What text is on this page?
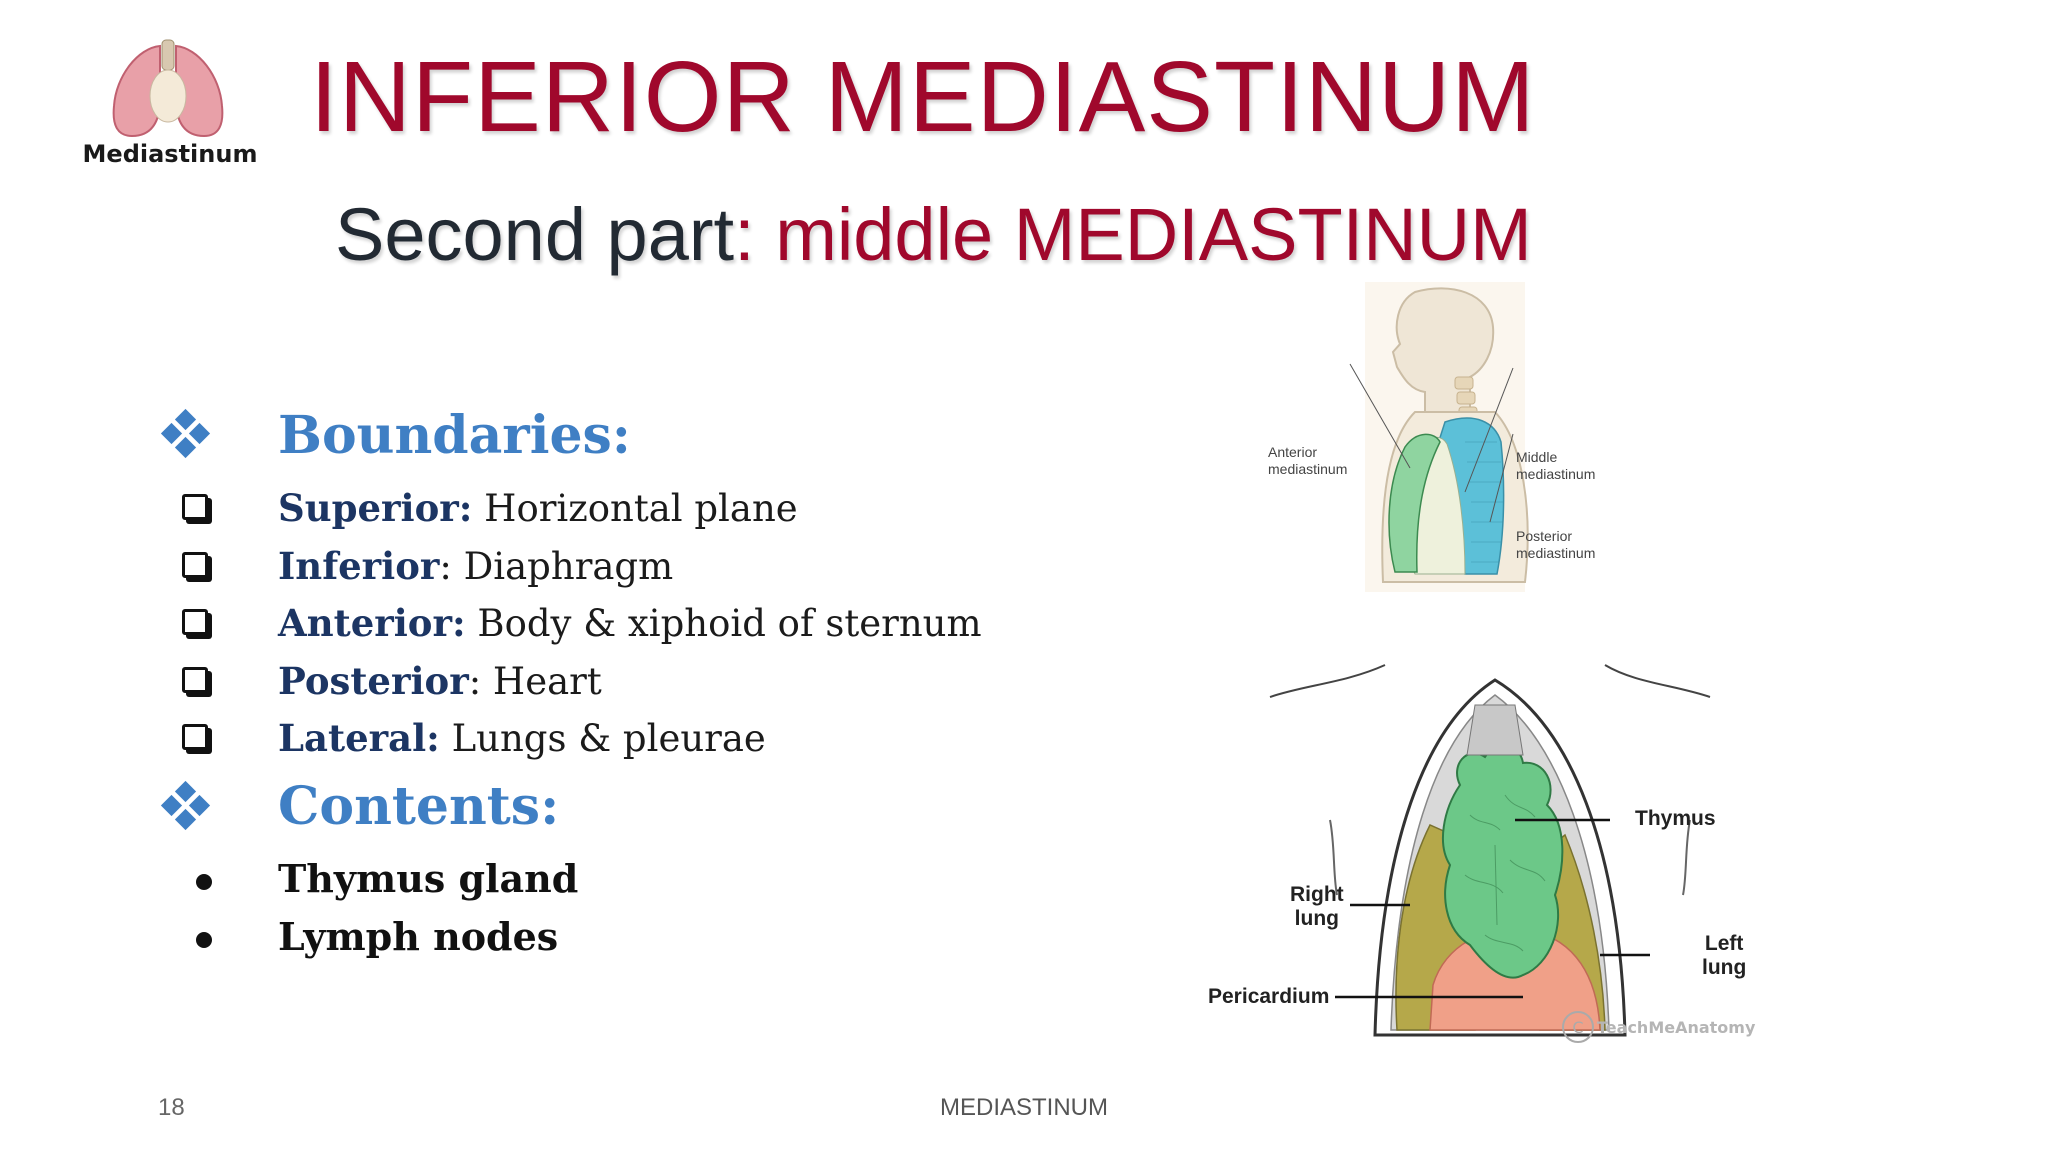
Mediastinum
INFERIOR MEDIASTINUM
Second part: middle MEDIASTINUM
Boundaries:
Superior: Horizontal plane
Inferior: Diaphragm
Anterior: Body & xiphoid of sternum
Posterior: Heart
Lateral: Lungs & pleurae
Contents:
Thymus gland
Lymph nodes
Anterior
mediastinum
Middle
mediastinum
Posterior
mediastinum
C
Thymus
Right
lung
Left
lung
Pericardium
TeachMeAnatomy
18	MEDIASTINUM
